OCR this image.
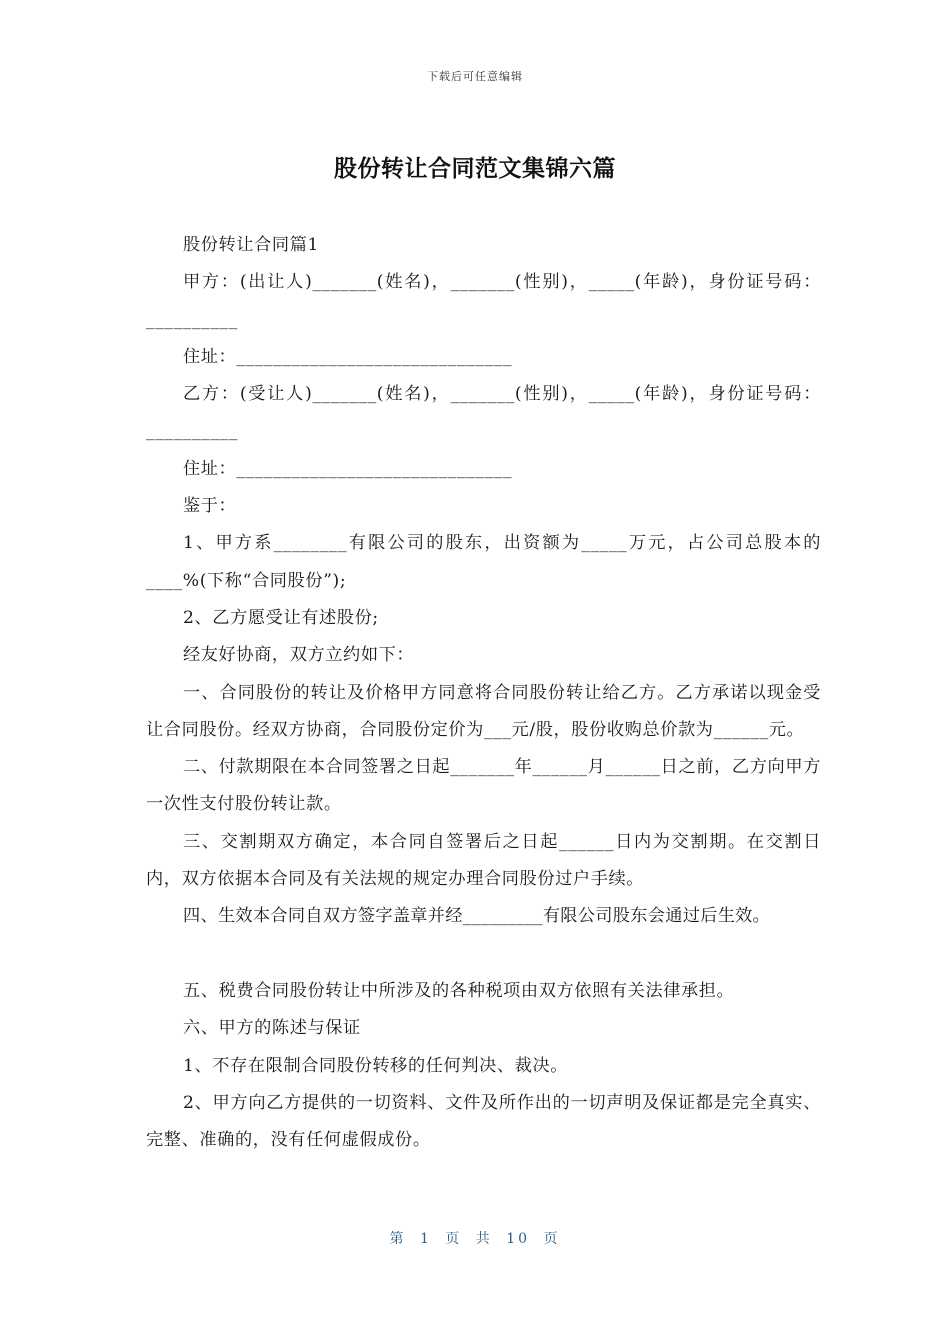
下载后可任意编辑
股份转让合同范文集锦六篇

股份转让合同篇1

甲方：(出让人)_______(姓名)，_______(性别)，_____(年龄)，身份证号码：__________

住址：______________________________

乙方：(受让人)_______(姓名)，_______(性别)，_____(年龄)，身份证号码：__________

住址：______________________________

鉴于：

1、甲方系________有限公司的股东，出资额为_____万元，占公司总股本的____%(下称“合同股份”);

2、乙方愿受让有述股份;

经友好协商，双方立约如下：

一、合同股份的转让及价格甲方同意将合同股份转让给乙方。乙方承诺以现金受让合同股份。经双方协商，合同股份定价为___元/股，股份收购总价款为______元。

二、付款期限在本合同签署之日起_______年______月______日之前，乙方向甲方一次性支付股份转让款。

三、交割期双方确定，本合同自签署后之日起______日内为交割期。在交割日内，双方依据本合同及有关法规的规定办理合同股份过户手续。

四、生效本合同自双方签字盖章并经_________有限公司股东会通过后生效。

五、税费合同股份转让中所涉及的各种税项由双方依照有关法律承担。

六、甲方的陈述与保证

1、不存在限制合同股份转移的任何判决、裁决。

2、甲方向乙方提供的一切资料、文件及所作出的一切声明及保证都是完全真实、完整、准确的，没有任何虚假成份。

第 1 页 共 10 页
